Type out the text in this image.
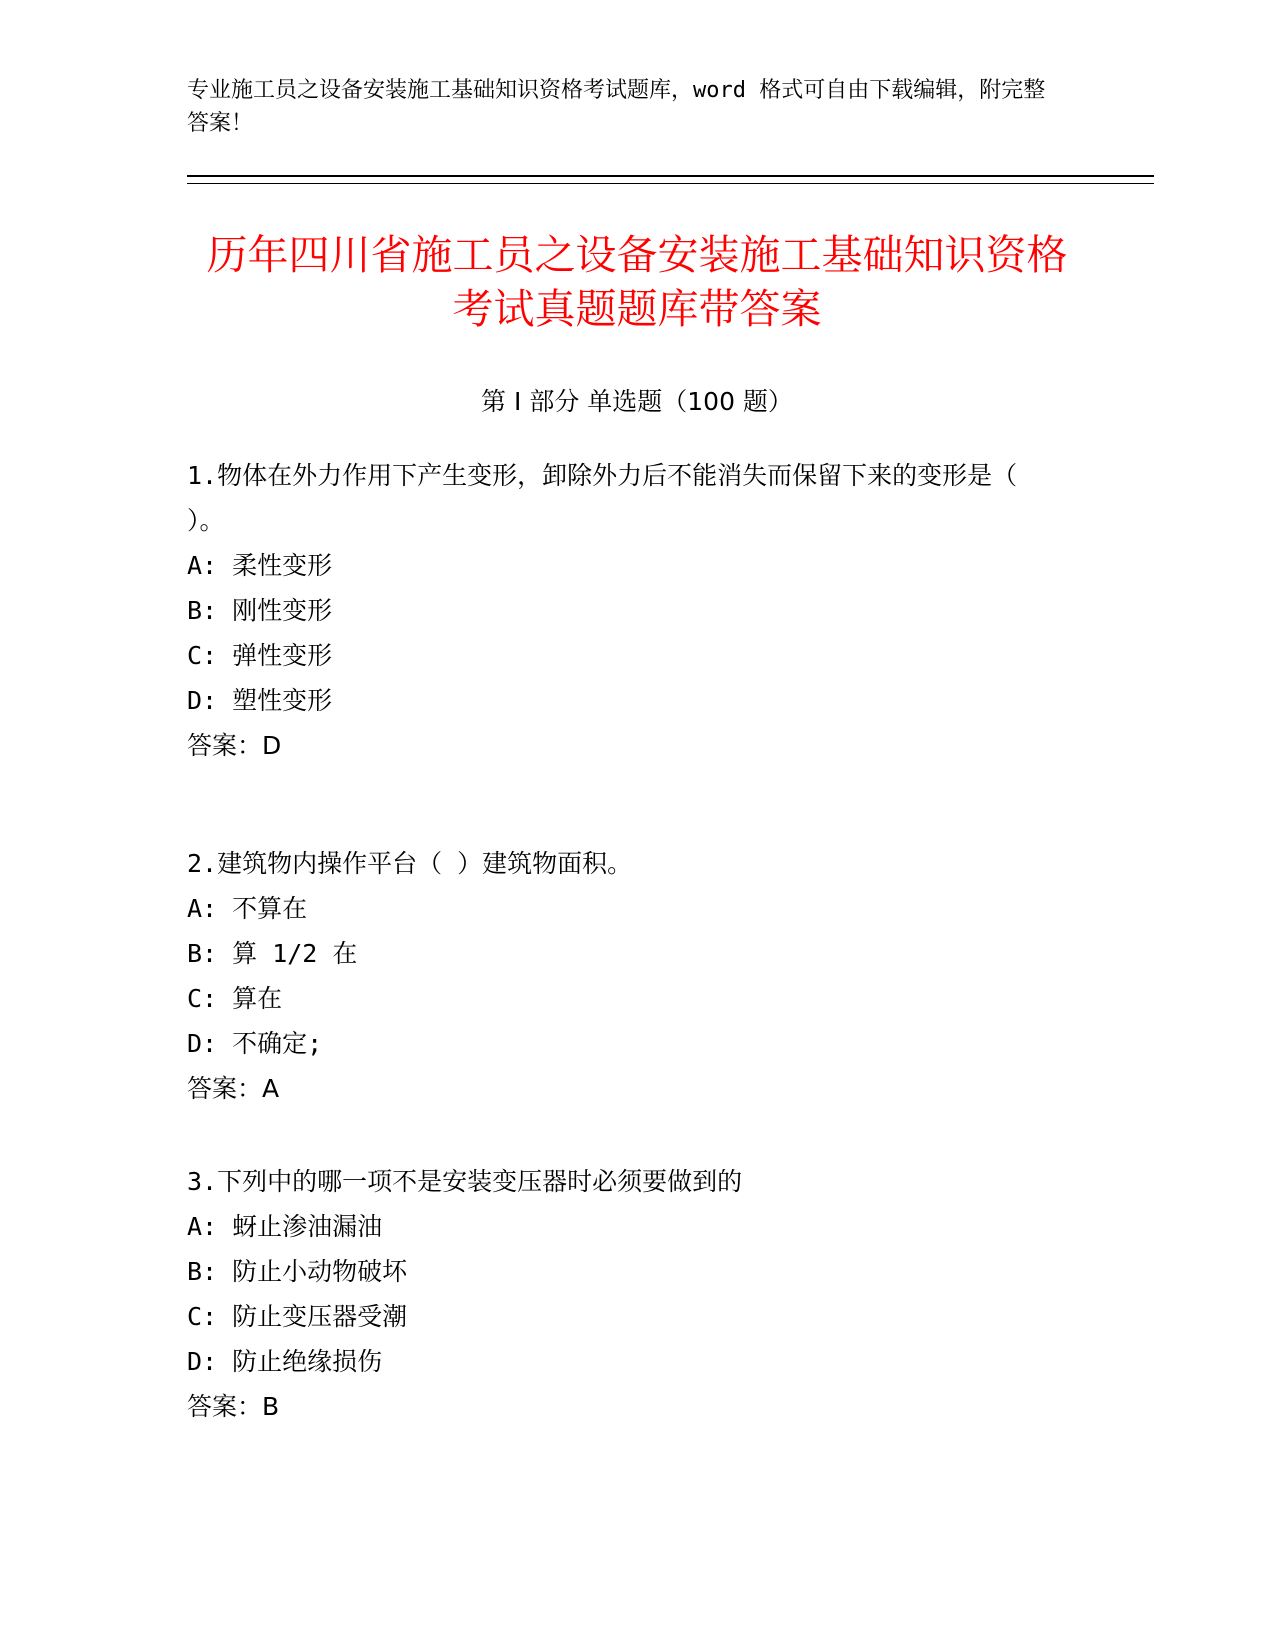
专业施工员之设备安装施工基础知识资格考试题库，word 格式可自由下载编辑，附完整答案！
历年四川省施工员之设备安装施工基础知识资格考试真题题库带答案
第 I 部分 单选题（100 题）
1.物体在外力作用下产生变形，卸除外力后不能消失而保留下来的变形是（ ）。
A: 柔性变形
B: 刚性变形
C: 弹性变形
D: 塑性变形
答案：D
2.建筑物内操作平台（ ）建筑物面积。
A: 不算在
B: 算 1/2 在
C: 算在
D: 不确定;
答案：A
3.下列中的哪一项不是安装变压器时必须要做到的
A: 蚜止渗油漏油
B: 防止小动物破坏
C: 防止变压器受潮
D: 防止绝缘损伤
答案：B
